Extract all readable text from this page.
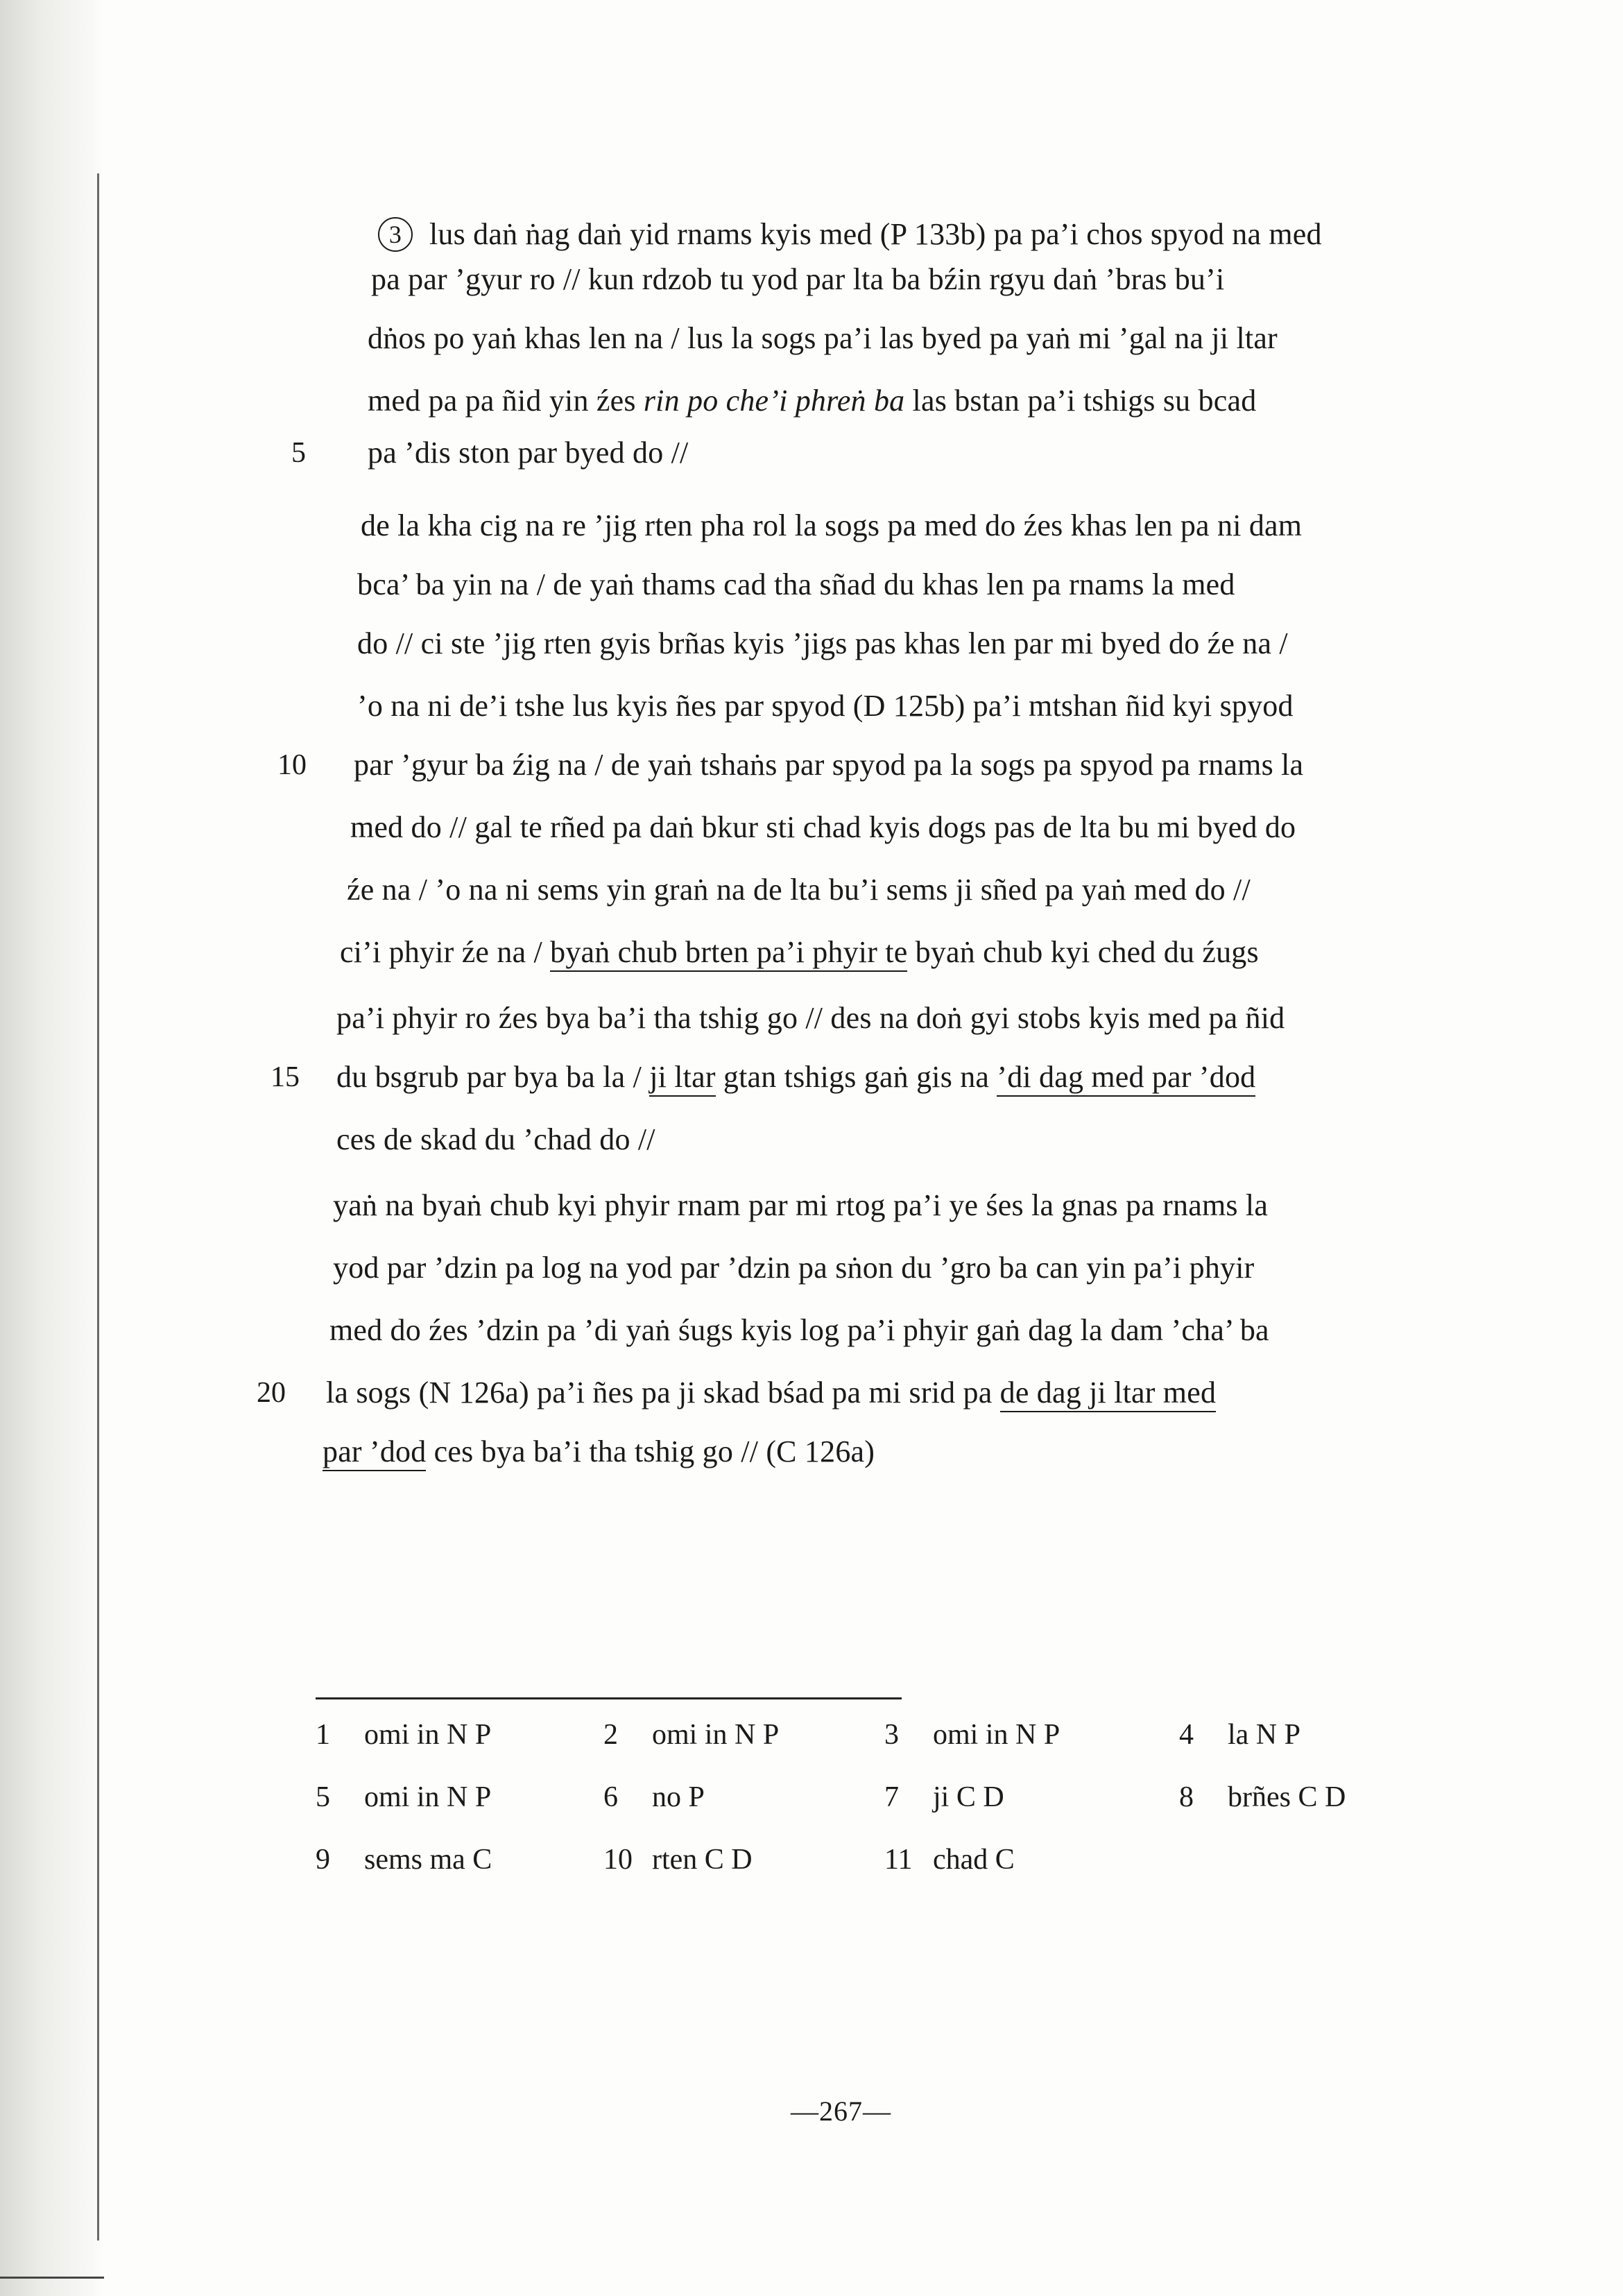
3 lus daṅ ṅag daṅ yid rnams kyis med (P 133b) pa pa’i chos spyod na med
pa par ’gyur ro // kun rdzob tu yod par lta ba bźin rgyu daṅ ’bras bu’i
dṅos po yaṅ khas len na / lus la sogs pa’i las byed pa yaṅ mi ’gal na ji ltar
med pa pa ñid yin źes rin po che’i phreṅ ba las bstan pa’i tshigs su bcad
pa ’dis ston par byed do //
5
de la kha cig na re ’jig rten pha rol la sogs pa med do źes khas len pa ni dam
bca’ ba yin na / de yaṅ thams cad tha sñad du khas len pa rnams la med
do // ci ste ’jig rten gyis brñas kyis ’jigs pas khas len par mi byed do źe na /
’o na ni de’i tshe lus kyis ñes par spyod (D 125b) pa’i mtshan ñid kyi spyod
par ’gyur ba źig na / de yaṅ tshaṅs par spyod pa la sogs pa spyod pa rnams la
10
med do // gal te rñed pa daṅ bkur sti chad kyis dogs pas de lta bu mi byed do
źe na / ’o na ni sems yin graṅ na de lta bu’i sems ji sñed pa yaṅ med do //
ci’i phyir źe na / byaṅ chub brten pa’i phyir te byaṅ chub kyi ched du źugs
pa’i phyir ro źes bya ba’i tha tshig go // des na doṅ gyi stobs kyis med pa ñid
du bsgrub par bya ba la / ji ltar gtan tshigs gaṅ gis na ’di dag med par ’dod
15
ces de skad du ’chad do //
yaṅ na byaṅ chub kyi phyir rnam par mi rtog pa’i ye śes la gnas pa rnams la
yod par ’dzin pa log na yod par ’dzin pa sṅon du ’gro ba can yin pa’i phyir
med do źes ’dzin pa ’di yaṅ śugs kyis log pa’i phyir gaṅ dag la dam ’cha’ ba
la sogs (N 126a) pa’i ñes pa ji skad bśad pa mi srid pa de dag ji ltar med
20
par ’dod ces bya ba’i tha tshig go // (C 126a)
1 omi in N P	2 omi in N P	3 omi in N P	4 la N P
5 omi in N P	6 no P	7 ji C D	8 brñes C D
9 sems ma C	10 rten C D	11 chad C
—267—
